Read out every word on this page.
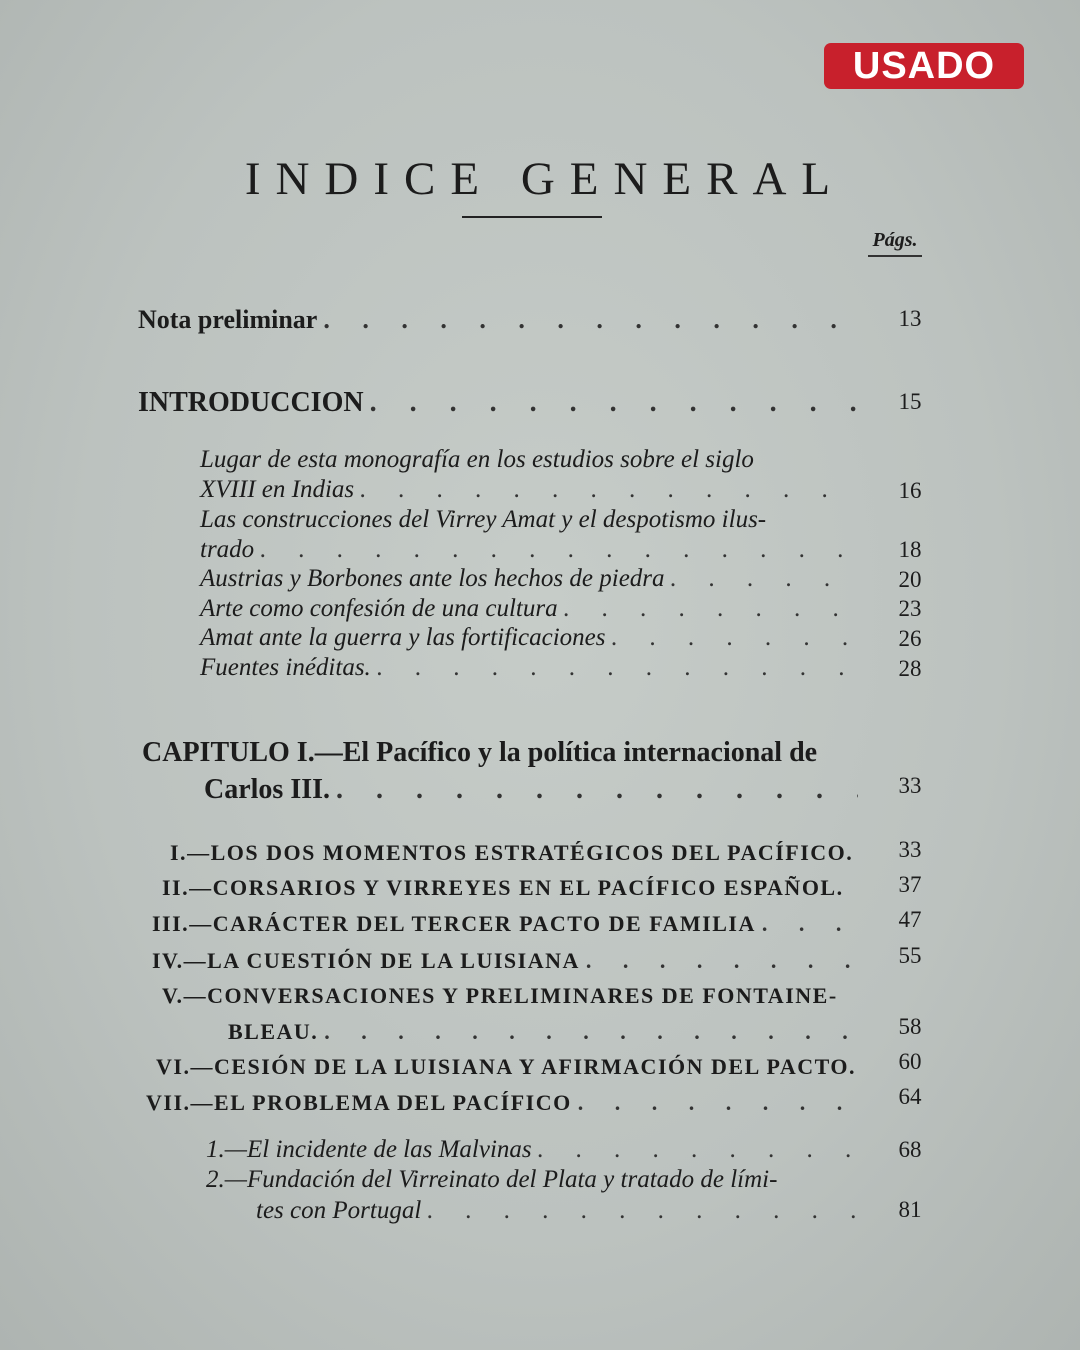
USADO
INDICE GENERAL
Págs.
Nota preliminar . . .	13
INTRODUCCION . . .	15
Lugar de esta monografía en los estudios sobre el siglo
XVIII en Indias . . .	16
Las construcciones del Virrey Amat y el despotismo ilus-
trado . . .	18
Austrias y Borbones ante los hechos de piedra . . .	20
Arte como confesión de una cultura . . .	23
Amat ante la guerra y las fortificaciones . . .	26
Fuentes inéditas. . . .	28
CAPITULO I.—El Pacífico y la política internacional de
Carlos III. . . .	33
I. —LOS DOS MOMENTOS ESTRATÉGICOS DEL PACÍFICO.	33
II. —CORSARIOS Y VIRREYES EN EL PACÍFICO ESPAÑOL.	37
III. —CARÁCTER DEL TERCER PACTO DE FAMILIA . . .	47
IV. —LA CUESTIÓN DE LA LUISIANA . . .	55
V. —CONVERSACIONES Y PRELIMINARES DE FONTAINE-
BLEAU. . . .	58
VI. —CESIÓN DE LA LUISIANA Y AFIRMACIÓN DEL PACTO.	60
VII. —EL PROBLEMA DEL PACÍFICO . . .	64
1.—El incidente de las Malvinas . . .	68
2.—Fundación del Virreinato del Plata y tratado de lími-
tes con Portugal . . .	81
